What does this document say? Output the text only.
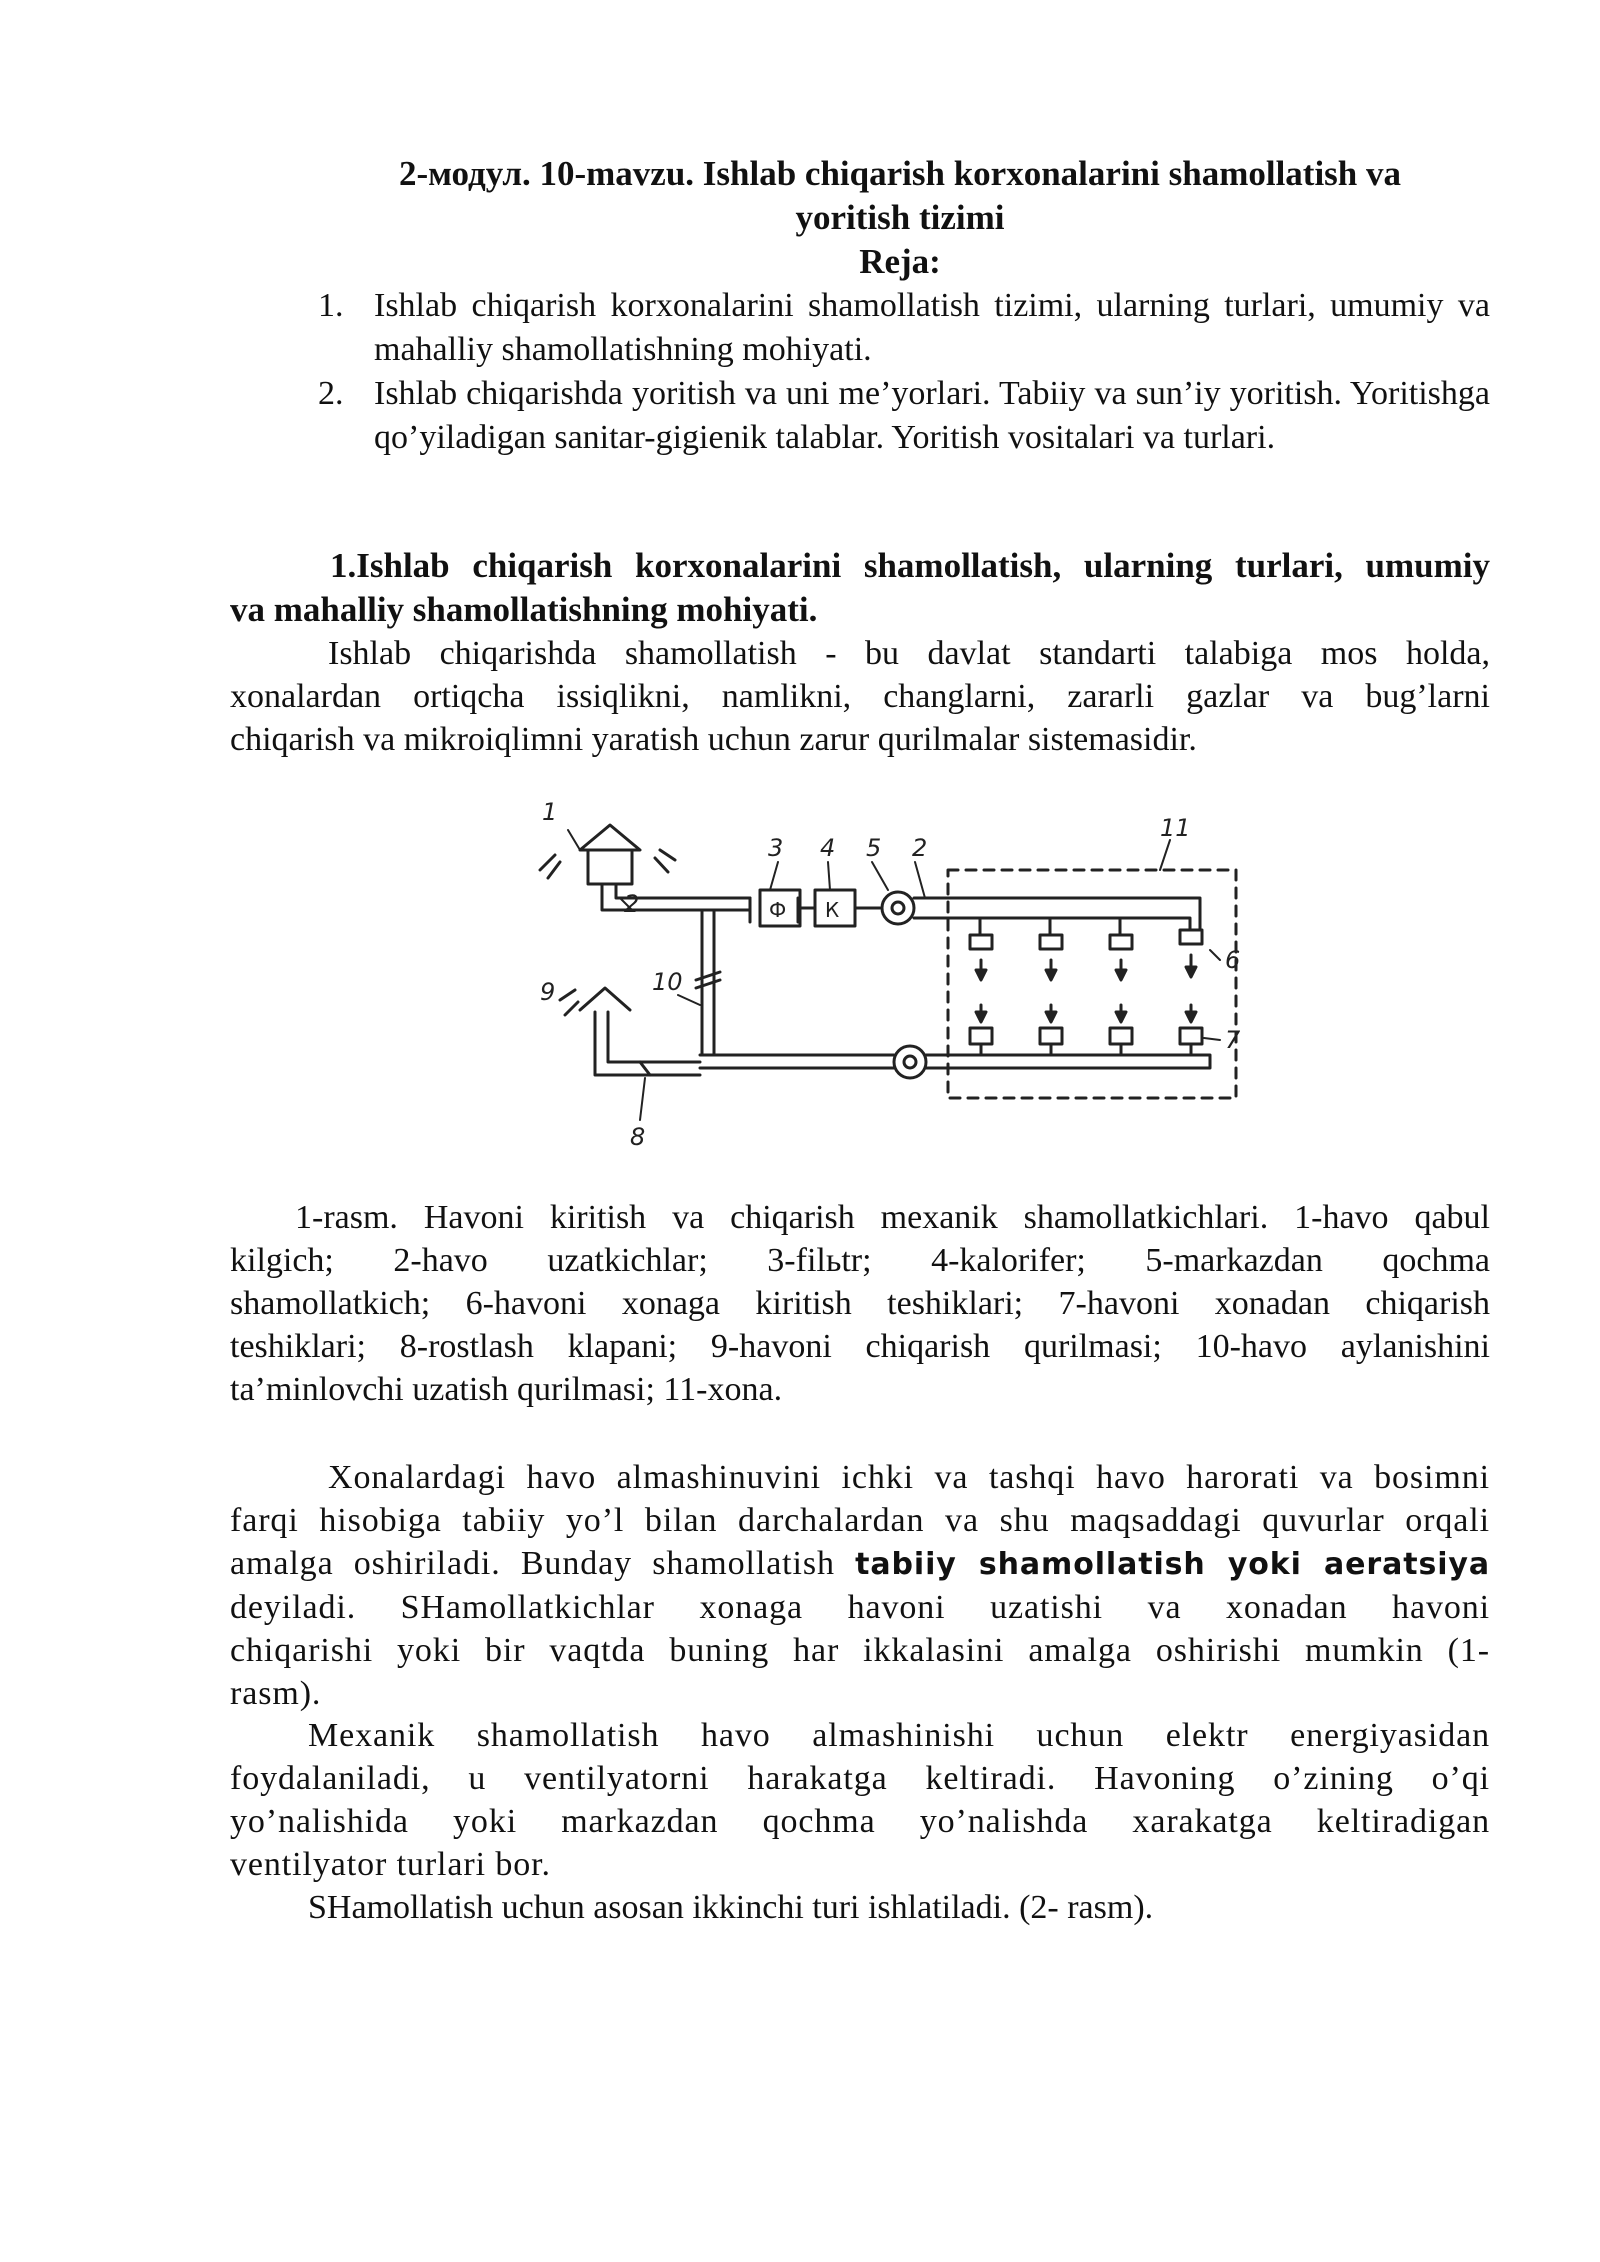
2-модул. 10-mavzu. Ishlab chiqarish korxonalarini shamollatish va
yoritish tizimi
Reja:
1. Ishlab chiqarish korxonalarini shamollatish tizimi, ularning turlari, umumiy va mahalliy shamollatishning mohiyati.
2. Ishlab chiqarishda yoritish va uni me’yorlari. Tabiiy va sun’iy yoritish. Yoritishga qo’yiladigan sanitar-gigienik talablar. Yoritish vositalari va turlari.
1.Ishlab chiqarish korxonalarini shamollatish, ularning turlari, umumiy
va mahalliy shamollatishning mohiyati.
Ishlab chiqarishda shamollatish - bu davlat standarti talabiga mos holda,
xonalardan ortiqcha issiqlikni, namlikni, changlarni, zararli gazlar va bug’larni
chiqarish va mikroiqlimni yaratish uchun zarur qurilmalar sistemasidir.
1
2
2
3 4 5
6
7
8
9	10
11
Ф К
1-rasm. Havoni kiritish va chiqarish mexanik shamollatkichlari. 1-havo qabul
kilgich; 2-havo uzatkichlar; 3-filьtr; 4-kalorifer; 5-markazdan qochma
shamollatkich; 6-havoni xonaga kiritish teshiklari; 7-havoni xonadan chiqarish
teshiklari; 8-rostlash klapani; 9-havoni chiqarish qurilmasi; 10-havo aylanishini
ta’minlovchi uzatish qurilmasi; 11-xona.
Xonalardagi havo almashinuvini ichki va tashqi havo harorati va bosimni
farqi hisobiga tabiiy yo’l bilan darchalardan va shu maqsaddagi quvurlar orqali
amalga oshiriladi. Bunday shamollatish tabiiy shamollatish yoki aeratsiya
deyiladi. SHamollatkichlar xonaga havoni uzatishi va xonadan havoni
chiqarishi yoki bir vaqtda buning har ikkalasini amalga oshirishi mumkin (1-
rasm).
Mexanik shamollatish havo almashinishi uchun elektr energiyasidan
foydalaniladi, u ventilyatorni harakatga keltiradi. Havoning o’zining o’qi
yo’nalishida yoki markazdan qochma yo’nalishda xarakatga keltiradigan
ventilyator turlari bor.
SHamollatish uchun asosan ikkinchi turi ishlatiladi. (2- rasm).
